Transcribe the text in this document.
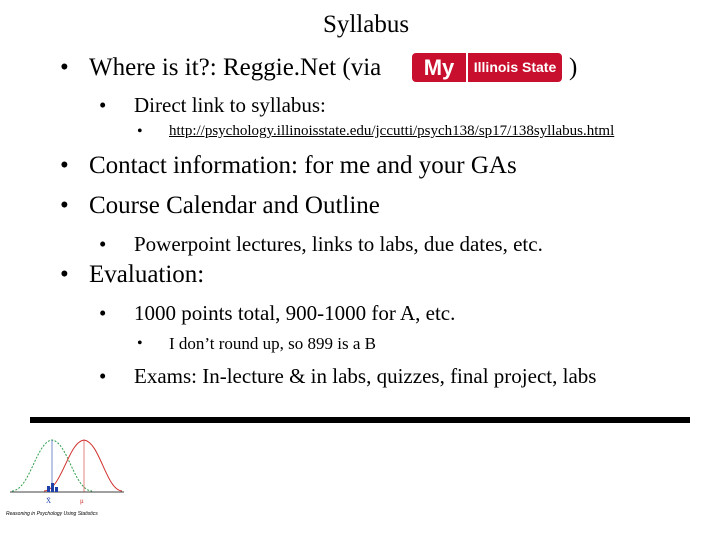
Syllabus
• Where is it?: Reggie.Net (via	My	Illinois State )
• Direct link to syllabus:
• http://psychology.illinoisstate.edu/jccutti/psych138/sp17/138syllabus.html
• Contact information: for me and your GAs
• Course Calendar and Outline
• Powerpoint lectures, links to labs, due dates, etc.
• Evaluation:
• 1000 points total, 900-1000 for A, etc.
• I don’t round up, so 899 is a B
• Exams: In-lecture & in labs, quizzes, final project, labs
X̄	μ
Reasoning in Psychology Using Statistics
